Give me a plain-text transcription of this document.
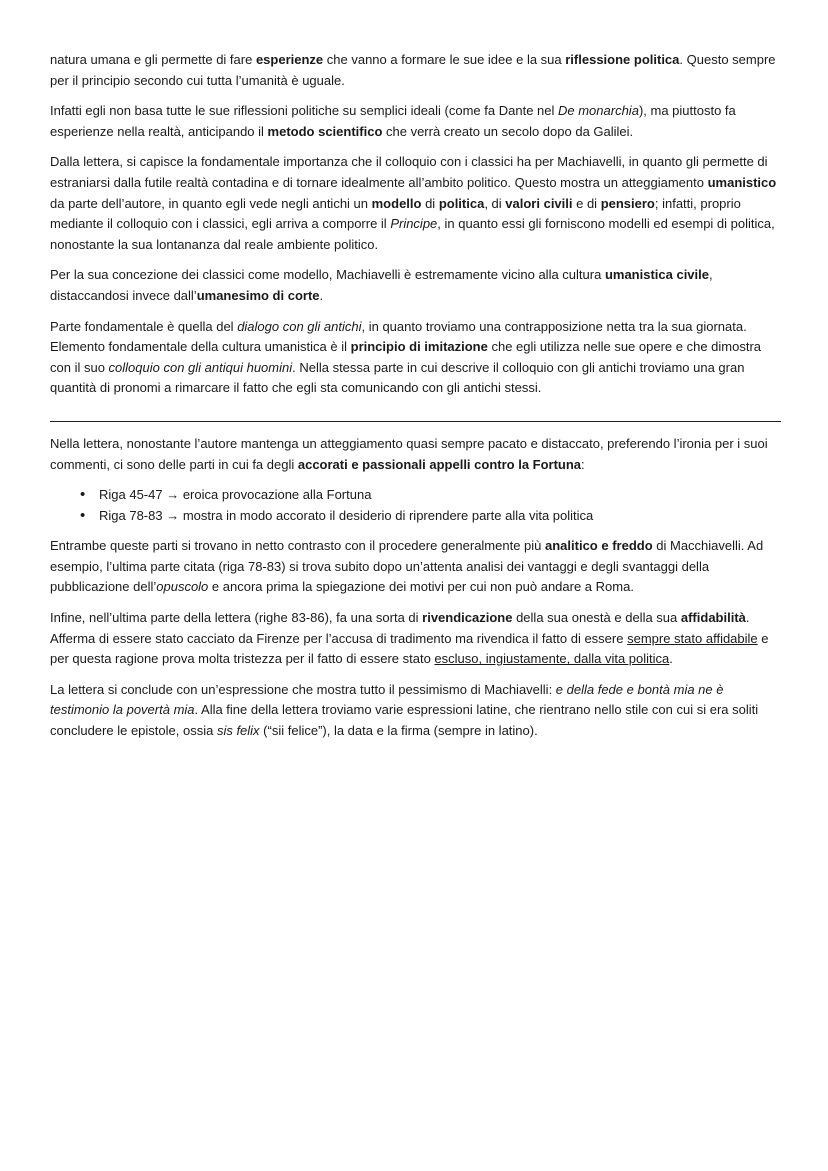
natura umana e gli permette di fare esperienze che vanno a formare le sue idee e la sua riflessione politica. Questo sempre per il principio secondo cui tutta l’umanità è uguale.

Infatti egli non basa tutte le sue riflessioni politiche su semplici ideali (come fa Dante nel De monarchia), ma piuttosto fa esperienze nella realtà, anticipando il metodo scientifico che verrà creato un secolo dopo da Galilei.

Dalla lettera, si capisce la fondamentale importanza che il colloquio con i classici ha per Machiavelli, in quanto gli permette di estraniarsi dalla futile realtà contadina e di tornare idealmente all’ambito politico. Questo mostra un atteggiamento umanistico da parte dell’autore, in quanto egli vede negli antichi un modello di politica, di valori civili e di pensiero; infatti, proprio mediante il colloquio con i classici, egli arriva a comporre il Principe, in quanto essi gli forniscono modelli ed esempi di politica, nonostante la sua lontananza dal reale ambiente politico.

Per la sua concezione dei classici come modello, Machiavelli è estremamente vicino alla cultura umanistica civile, distaccandosi invece dall’umanesimo di corte.

Parte fondamentale è quella del dialogo con gli antichi, in quanto troviamo una contrapposizione netta tra la sua giornata. Elemento fondamentale della cultura umanistica è il principio di imitazione che egli utilizza nelle sue opere e che dimostra con il suo colloquio con gli antiqui huomini. Nella stessa parte in cui descrive il colloquio con gli antichi troviamo una gran quantità di pronomi a rimarcare il fatto che egli sta comunicando con gli antichi stessi.

Nella lettera, nonostante l’autore mantenga un atteggiamento quasi sempre pacato e distaccato, preferendo l’ironia per i suoi commenti, ci sono delle parti in cui fa degli accorati e passionali appelli contro la Fortuna:

• Riga 45-47 → eroica provocazione alla Fortuna
• Riga 78-83 → mostra in modo accorato il desiderio di riprendere parte alla vita politica

Entrambe queste parti si trovano in netto contrasto con il procedere generalmente più analitico e freddo di Macchiavelli. Ad esempio, l’ultima parte citata (riga 78-83) si trova subito dopo un’attenta analisi dei vantaggi e degli svantaggi della pubblicazione dell’opuscolo e ancora prima la spiegazione dei motivi per cui non può andare a Roma.

Infine, nell’ultima parte della lettera (righe 83-86), fa una sorta di rivendicazione della sua onestà e della sua affidabilità. Afferma di essere stato cacciato da Firenze per l’accusa di tradimento ma rivendica il fatto di essere sempre stato affidabile e per questa ragione prova molta tristezza per il fatto di essere stato escluso, ingiustamente, dalla vita politica.

La lettera si conclude con un’espressione che mostra tutto il pessimismo di Machiavelli: e della fede e bontà mia ne è testimonio la povertà mia. Alla fine della lettera troviamo varie espressioni latine, che rientrano nello stile con cui si era soliti concludere le epistole, ossia sis felix (“sii felice”), la data e la firma (sempre in latino).
